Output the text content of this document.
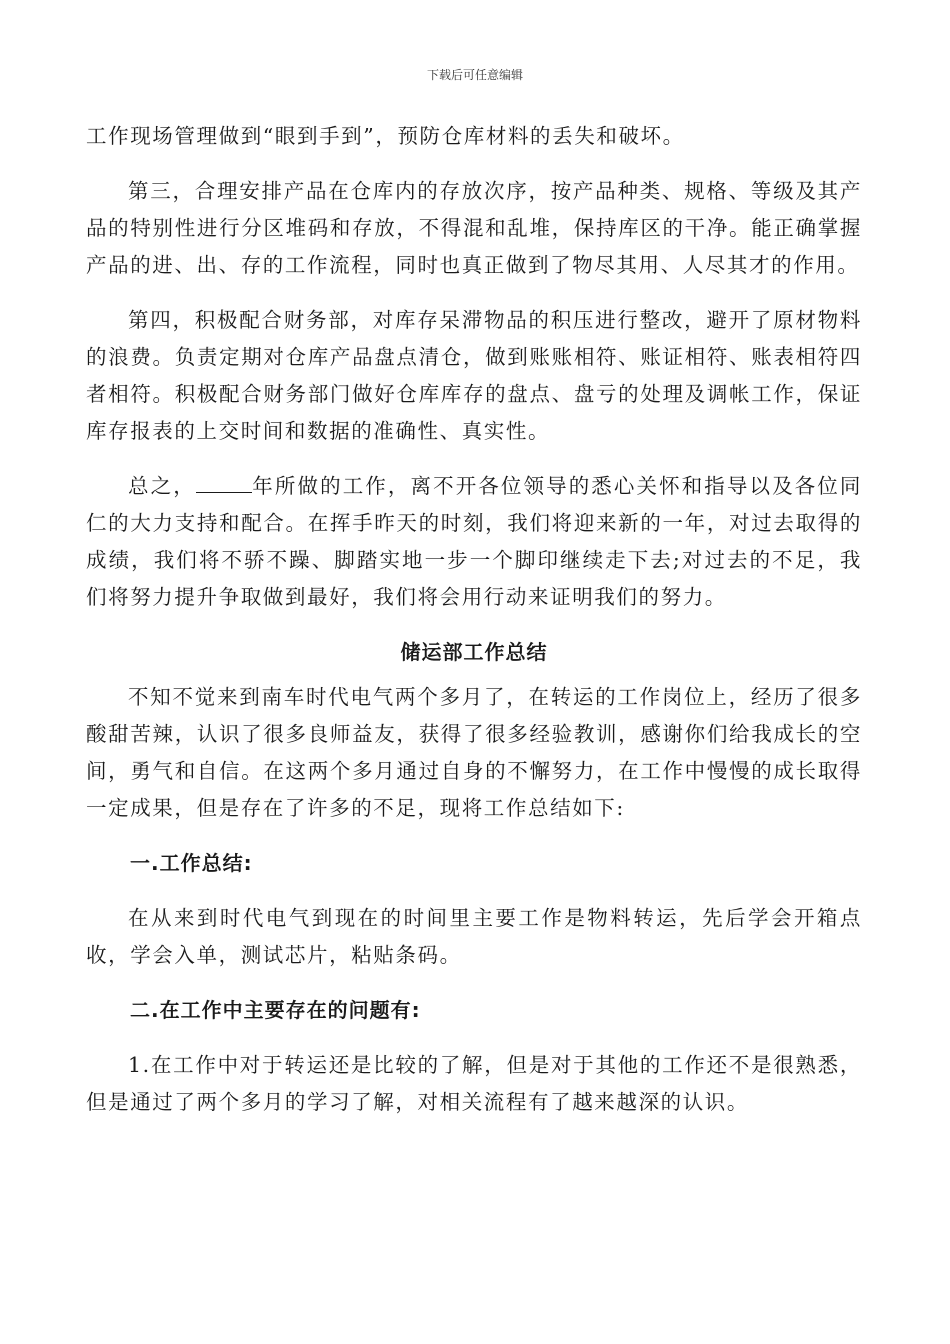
下载后可任意编辑

工作现场管理做到“眼到手到”，预防仓库材料的丢失和破坏。

第三，合理安排产品在仓库内的存放次序，按产品种类、规格、等级及其产品的特别性进行分区堆码和存放，不得混和乱堆，保持库区的干净。能正确掌握产品的进、出、存的工作流程，同时也真正做到了物尽其用、人尽其才的作用。

第四，积极配合财务部，对库存呆滞物品的积压进行整改，避开了原材物料的浪费。负责定期对仓库产品盘点清仓，做到账账相符、账证相符、账表相符四者相符。积极配合财务部门做好仓库库存的盘点、盘亏的处理及调帐工作，保证库存报表的上交时间和数据的准确性、真实性。

总之，	年所做的工作，离不开各位领导的悉心关怀和指导以及各位同仁的大力支持和配合。在挥手昨天的时刻，我们将迎来新的一年，对过去取得的成绩，我们将不骄不躁、脚踏实地一步一个脚印继续走下去;对过去的不足，我们将努力提升争取做到最好，我们将会用行动来证明我们的努力。

储运部工作总结

不知不觉来到南车时代电气两个多月了，在转运的工作岗位上，经历了很多酸甜苦辣，认识了很多良师益友，获得了很多经验教训，感谢你们给我成长的空间，勇气和自信。在这两个多月通过自身的不懈努力，在工作中慢慢的成长取得一定成果，但是存在了许多的不足，现将工作总结如下:

一.工作总结:

在从来到时代电气到现在的时间里主要工作是物料转运，先后学会开箱点收，学会入单，测试芯片，粘贴条码。

二.在工作中主要存在的问题有:

1.在工作中对于转运还是比较的了解，但是对于其他的工作还不是很熟悉，但是通过了两个多月的学习了解，对相关流程有了越来越深的认识。
